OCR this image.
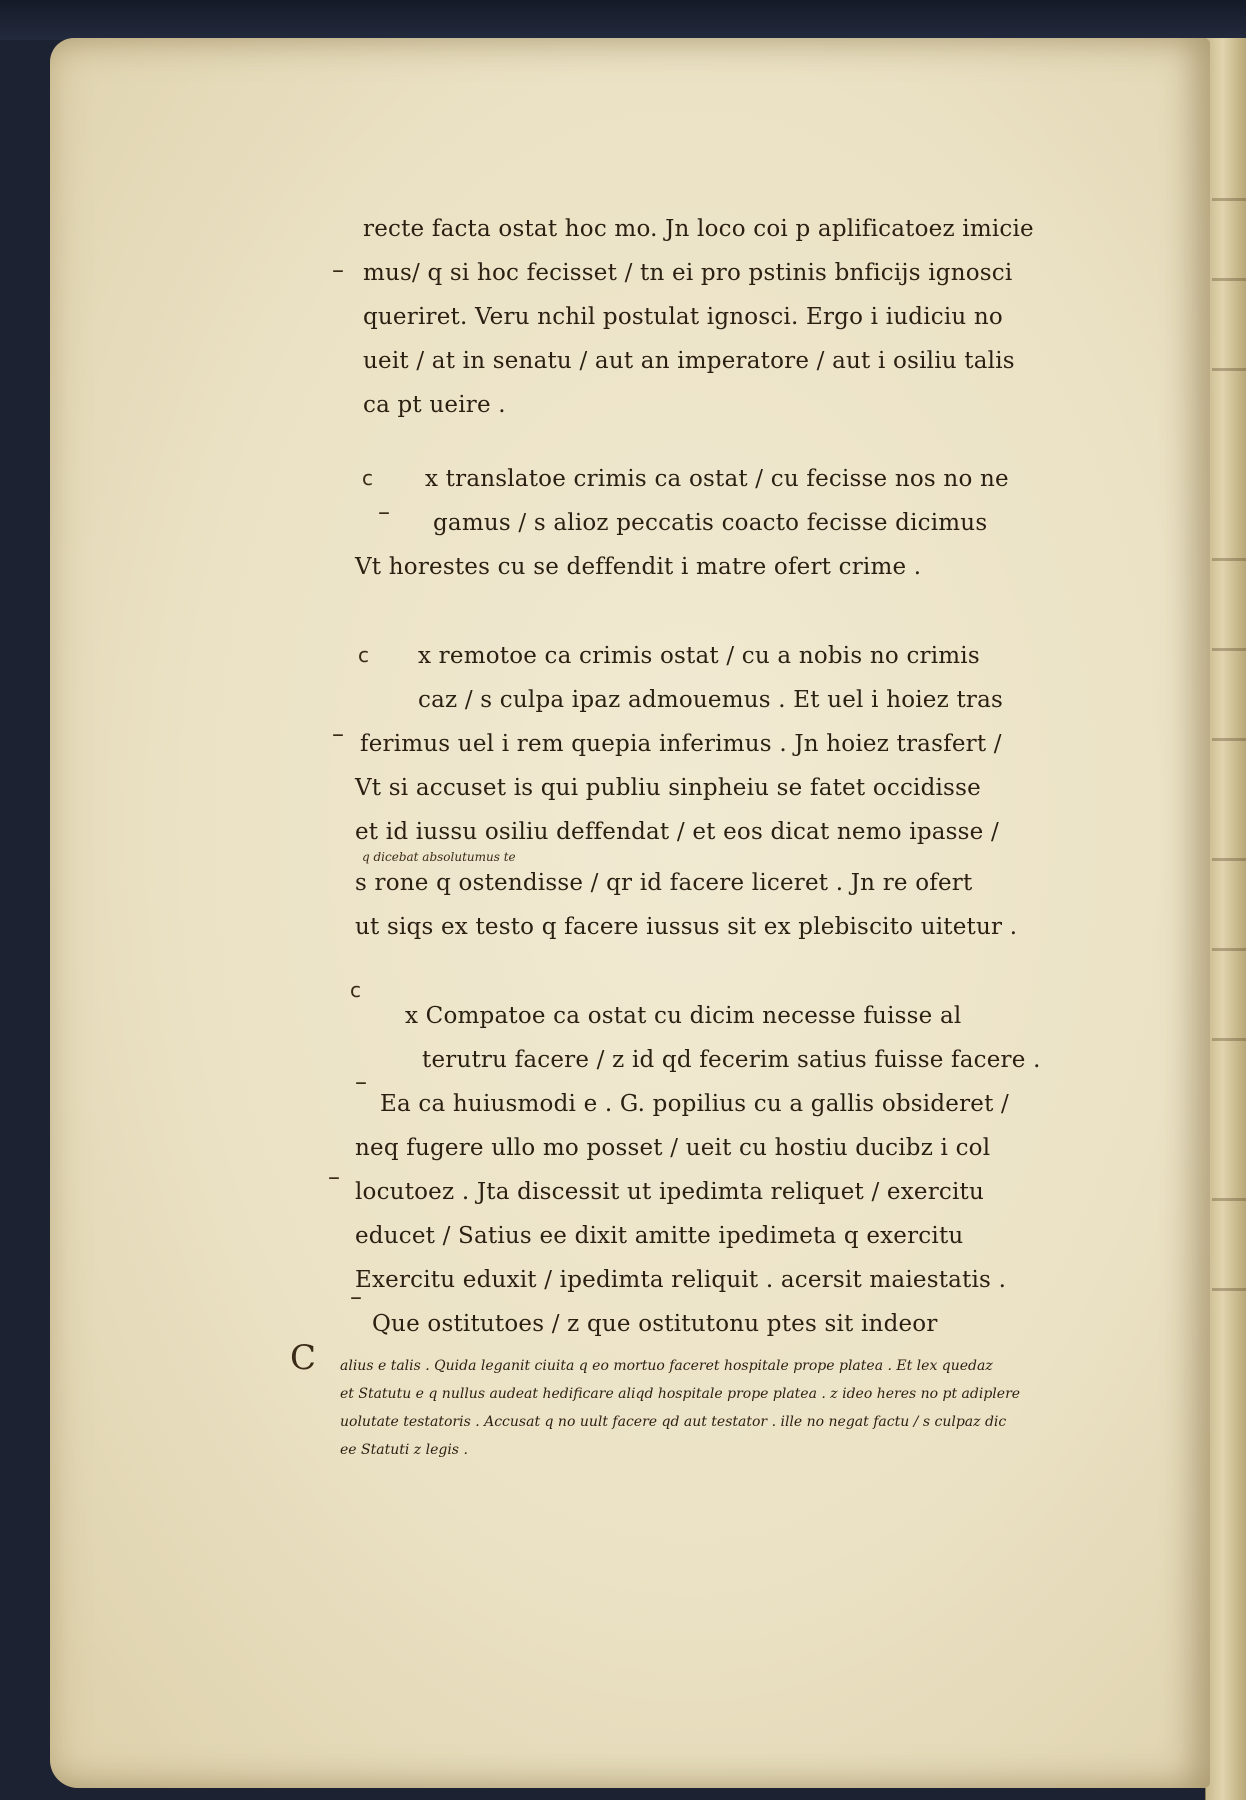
–
–
–
–
–
–
c
c
c
recte facta ostat hoc mo. Jn loco coi p aplificatoez imicie
mus/ q si hoc fecisset / tn ei pro pstinis bnficijs ignosci
queriret. Veru nchil postulat ignosci. Ergo i iudiciu no
ueit / at in senatu / aut an imperatore / aut i osiliu talis
ca pt ueire .
x translatoe crimis ca ostat / cu fecisse nos no ne
gamus / s alioz peccatis coacto fecisse dicimus
Vt horestes cu se deffendit i matre ofert crime .
x remotoe ca crimis ostat / cu a nobis no crimis
caz / s culpa ipaz admouemus . Et uel i hoiez tras
ferimus uel i rem quepia inferimus . Jn hoiez trasfert /
Vt si accuset is qui publiu sinpheiu se fatet occidisse
et id iussu osiliu deffendat / et eos dicat nemo ipasse /
q dicebat absolutumus te
s rone q ostendisse / qr id facere liceret . Jn re ofert
ut siqs ex testo q facere iussus sit ex plebiscito uitetur .
x Compatoe ca ostat cu dicim necesse fuisse al
terutru facere / z id qd fecerim satius fuisse facere .
Ea ca huiusmodi e . G. popilius cu a gallis obsideret /
neq fugere ullo mo posset / ueit cu hostiu ducibz i col
locutoez . Jta discessit ut ipedimta reliquet / exercitu
educet / Satius ee dixit amitte ipedimeta q exercitu
Exercitu eduxit / ipedimta reliquit . acersit maiestatis .
Que ostitutoes / z que ostitutonu ptes sit indeor
C alius e talis . Quida leganit ciuita q eo mortuo faceret hospitale prope platea . Et lex quedaz
et Statutu e q nullus audeat hedificare aliqd hospitale prope platea . z ideo heres no pt adiplere
uolutate testatoris . Accusat q no uult facere qd aut testator . ille no negat factu / s culpaz dic
ee Statuti z legis .
